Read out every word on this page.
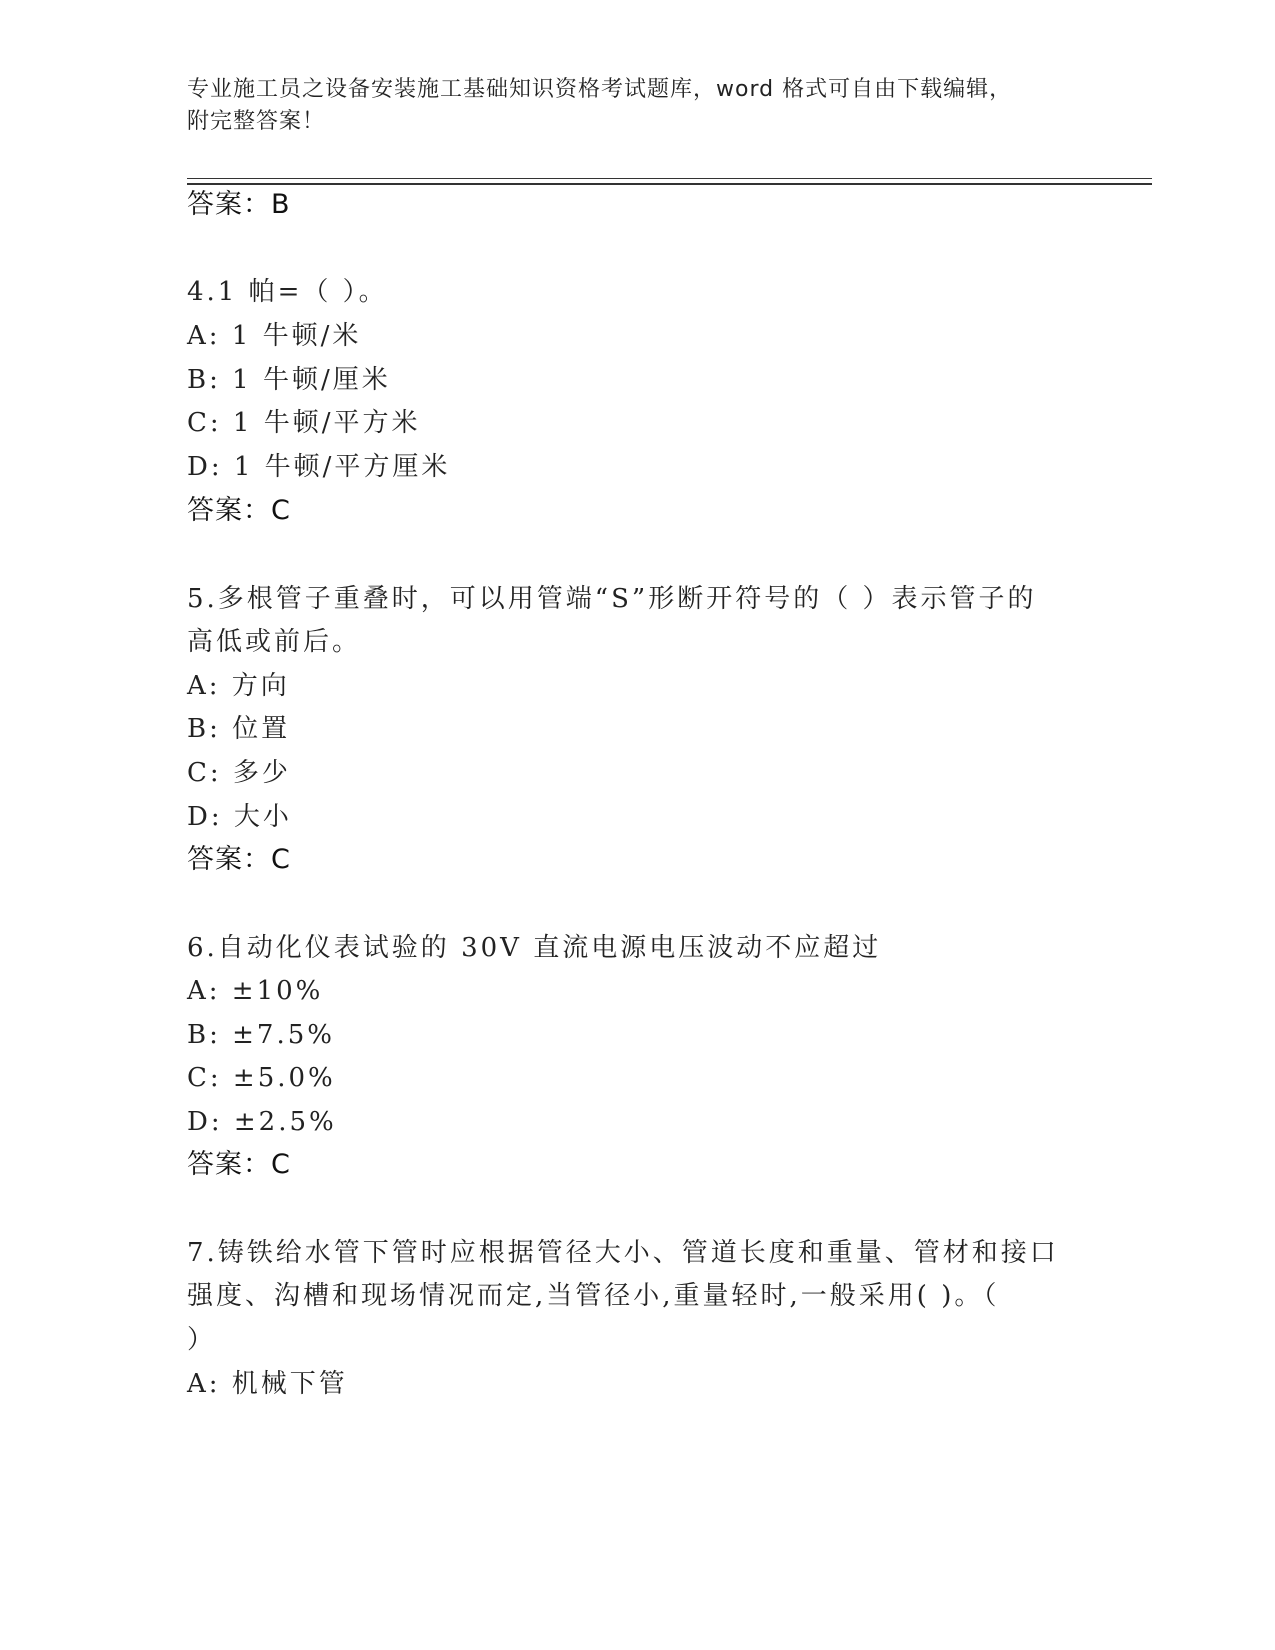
专业施工员之设备安装施工基础知识资格考试题库，word 格式可自由下载编辑，
附完整答案！
答案：B
4.1 帕=（ ）。
A: 1 牛顿/米
B: 1 牛顿/厘米
C: 1 牛顿/平方米
D: 1 牛顿/平方厘米
答案：C
5.多根管子重叠时，可以用管端“S”形断开符号的（ ）表示管子的
高低或前后。
A: 方向
B: 位置
C: 多少
D: 大小
答案：C
6.自动化仪表试验的 30V 直流电源电压波动不应超过
A: ±10%
B: ±7.5%
C: ±5.0%
D: ±2.5%
答案：C
7.铸铁给水管下管时应根据管径大小、管道长度和重量、管材和接口
强度、沟槽和现场情况而定,当管径小,重量轻时,一般采用( )。（
）
A: 机械下管
